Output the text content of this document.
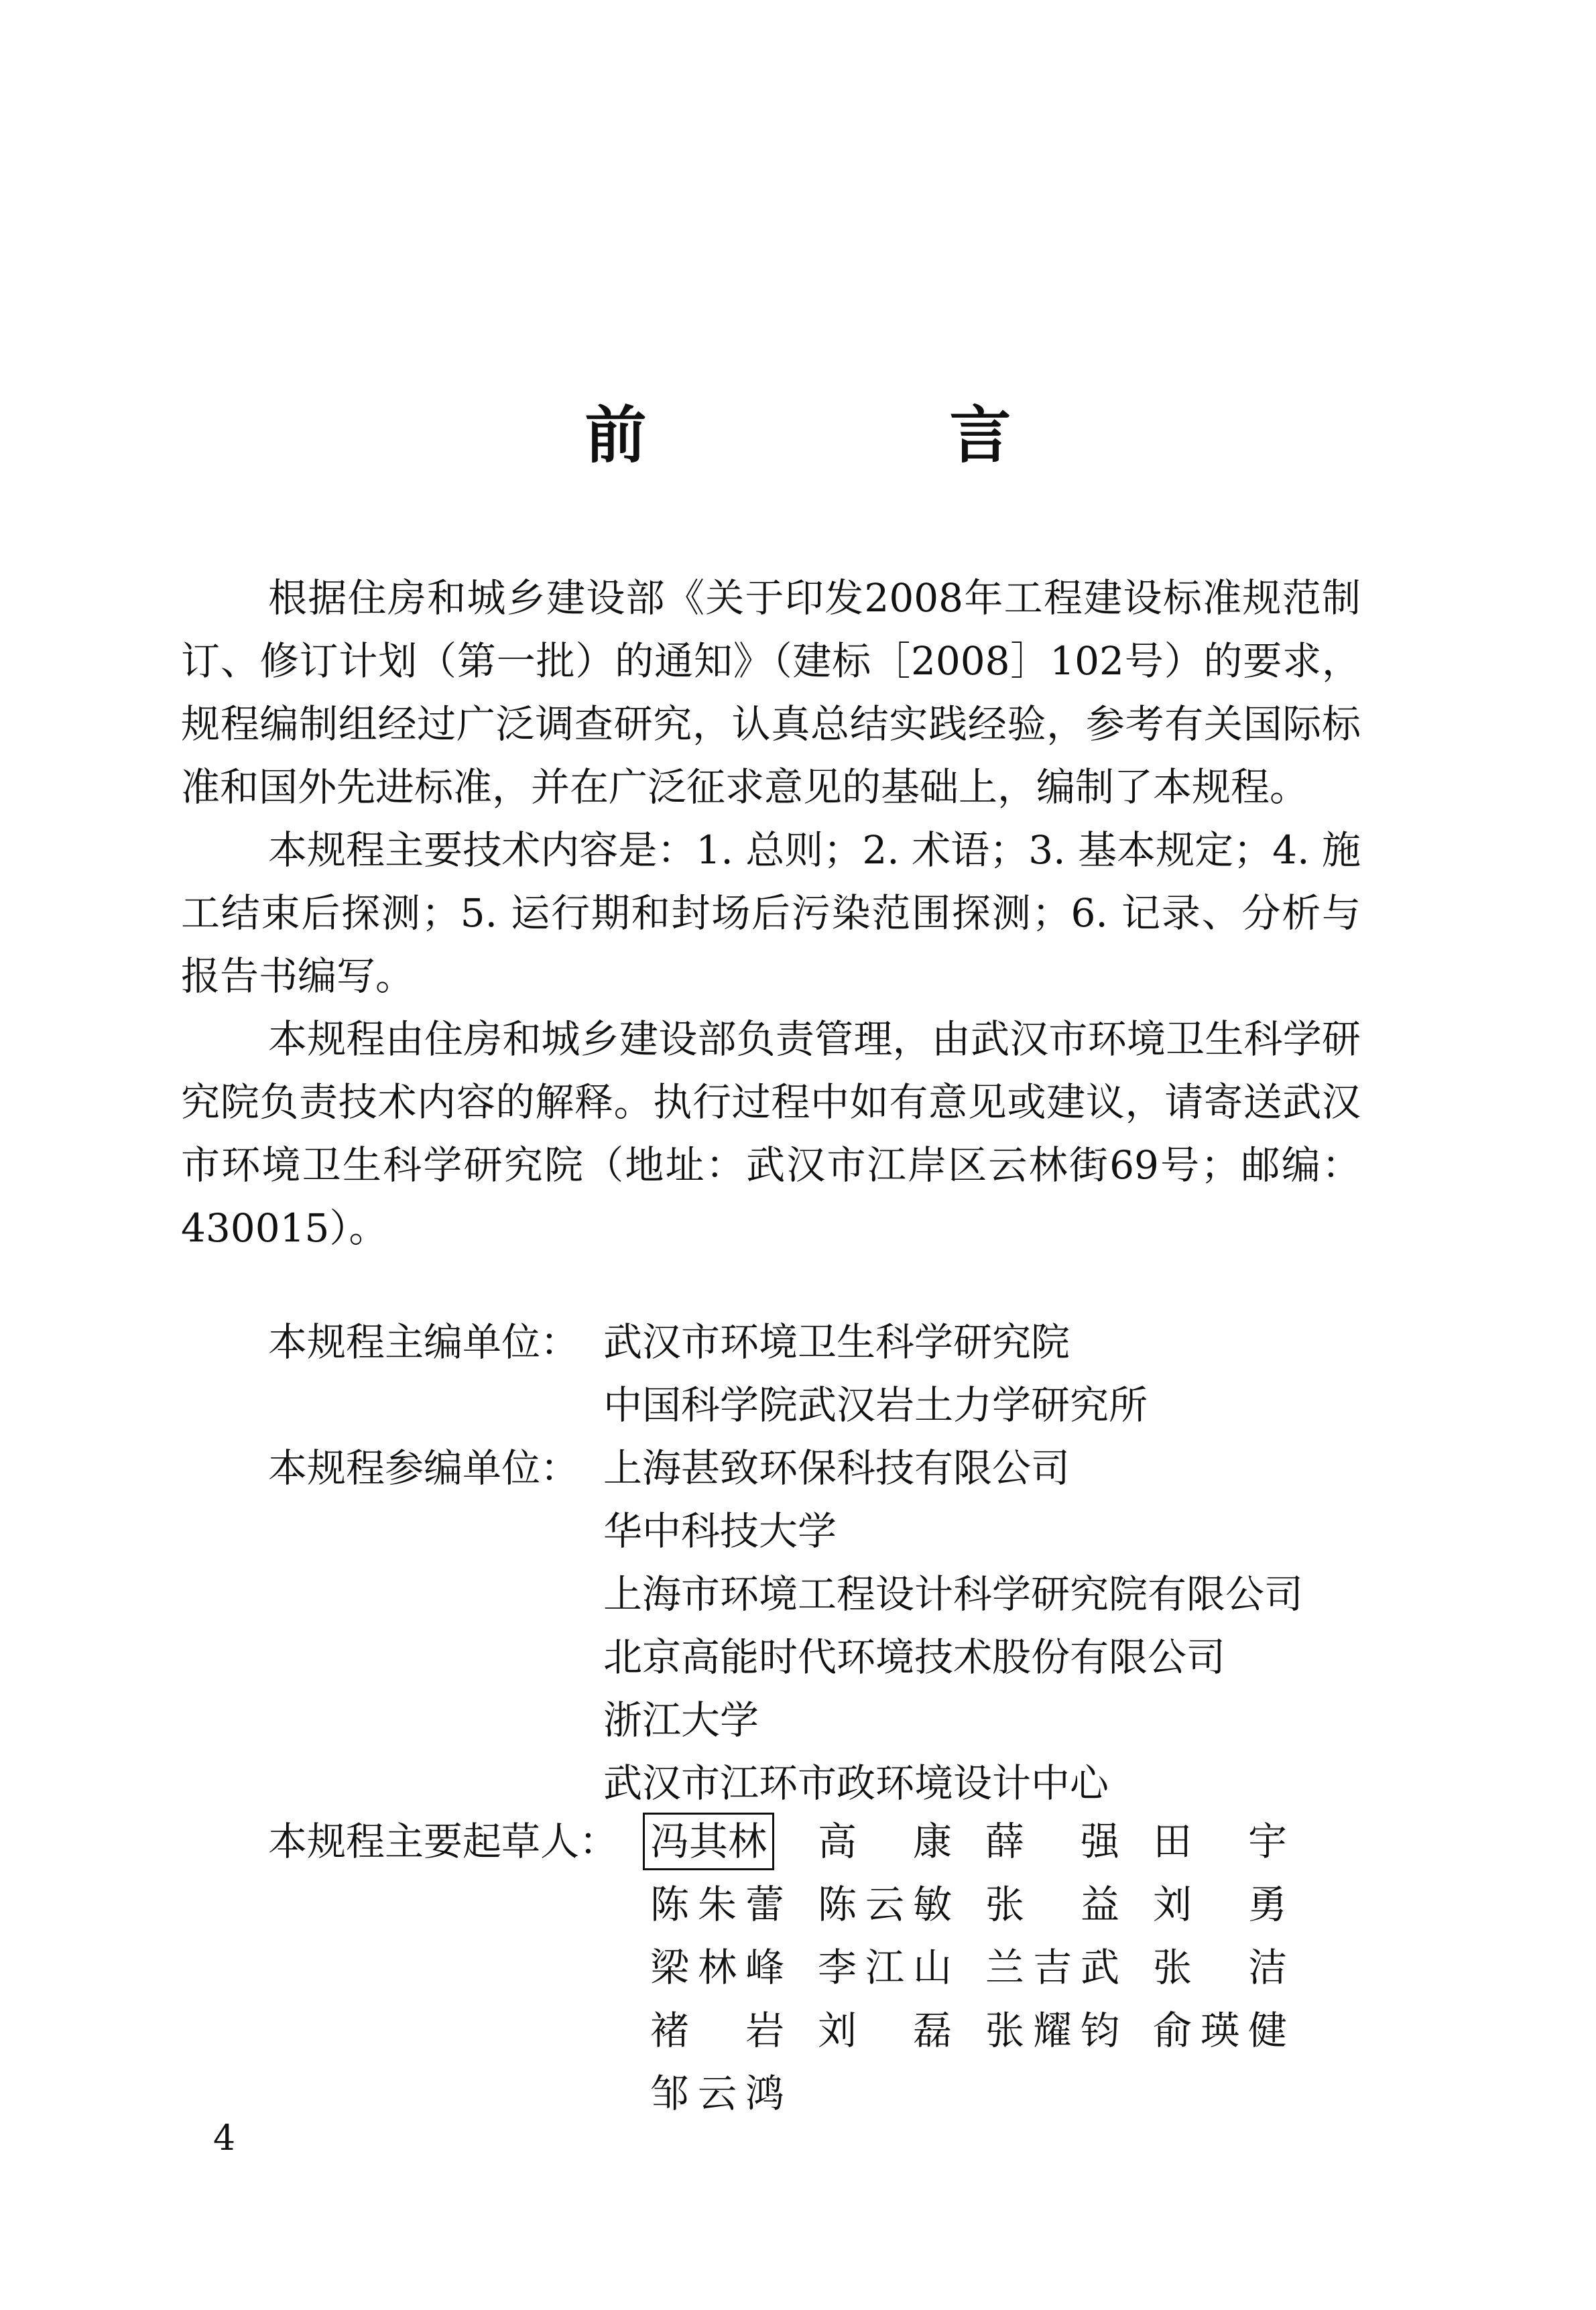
前　言

根据住房和城乡建设部《关于印发2008年工程建设标准规范制订、修订计划（第一批）的通知》（建标［2008］102号）的要求，规程编制组经过广泛调查研究，认真总结实践经验，参考有关国际标准和国外先进标准，并在广泛征求意见的基础上，编制了本规程。

本规程主要技术内容是：1. 总则；2. 术语；3. 基本规定；4. 施工结束后探测；5. 运行期和封场后污染范围探测；6. 记录、分析与报告书编写。

本规程由住房和城乡建设部负责管理，由武汉市环境卫生科学研究院负责技术内容的解释。执行过程中如有意见或建议，请寄送武汉市环境卫生科学研究院（地址：武汉市江岸区云林街69号；邮编：430015）。

本规程主编单位： 武汉市环境卫生科学研究院
中国科学院武汉岩土力学研究所
本规程参编单位： 上海甚致环保科技有限公司
华中科技大学
上海市环境工程设计科学研究院有限公司
北京高能时代环境技术股份有限公司
浙江大学
武汉市江环市政环境设计中心
本规程主要起草人： 冯其林	高　康 薛　强 田　宇
陈朱蕾 陈云敏 张　益 刘　勇
梁林峰 李江山 兰吉武 张　洁
褚　岩 刘　磊 张耀钧 俞瑛健
邹云鸿
4
